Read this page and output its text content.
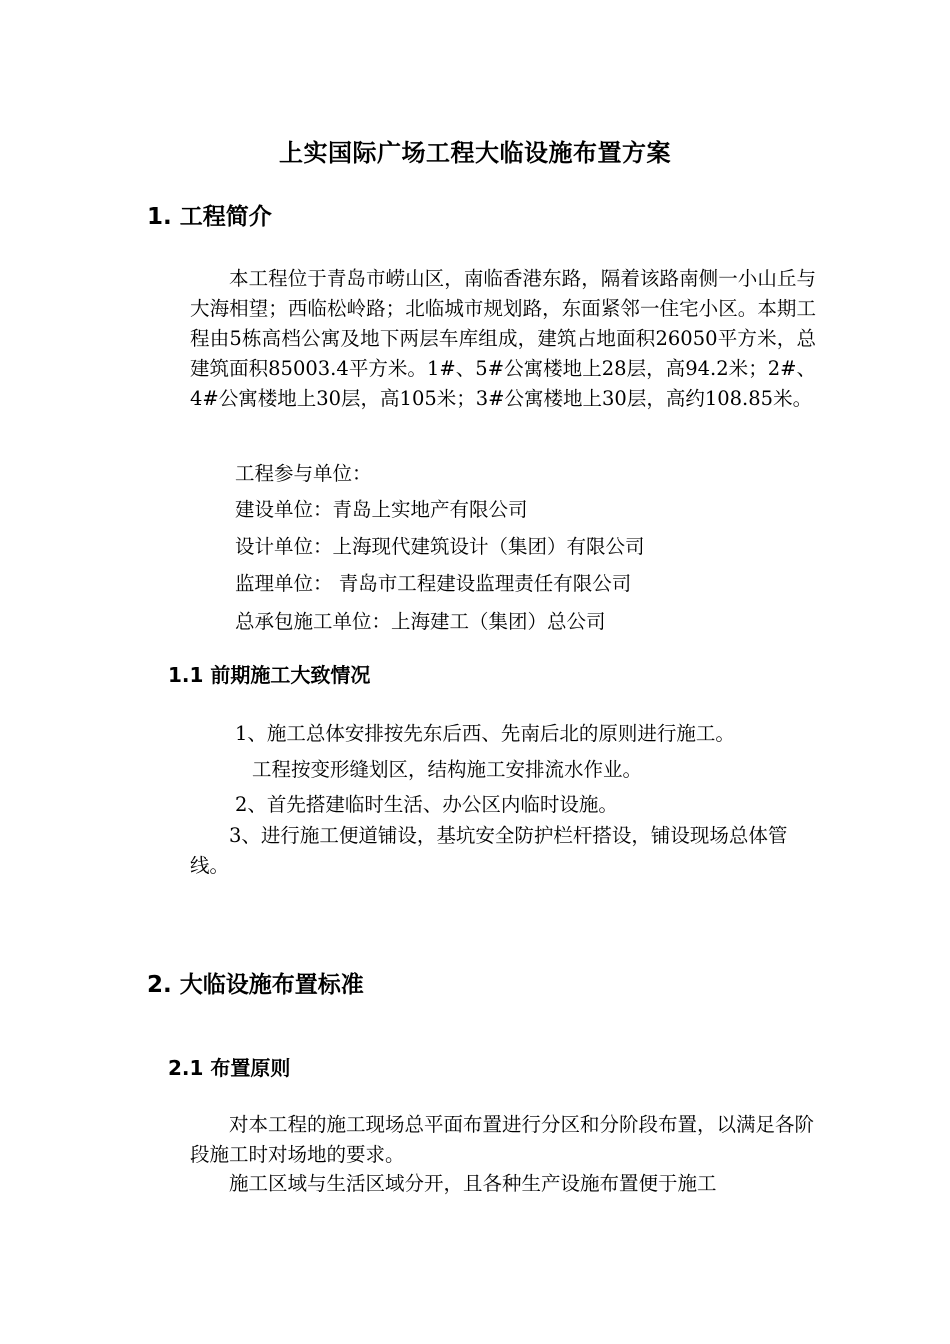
上实国际广场工程大临设施布置方案
1. 工程简介
本工程位于青岛市崂山区，南临香港东路，隔着该路南侧一小山丘与大海相望；西临松岭路；北临城市规划路，东面紧邻一住宅小区。本期工程由5栋高档公寓及地下两层车库组成，建筑占地面积26050平方米，总建筑面积85003.4平方米。1#、5#公寓楼地上28层，高94.2米；2#、4#公寓楼地上30层，高105米；3#公寓楼地上30层，高约108.85米。
工程参与单位：
建设单位：青岛上实地产有限公司
设计单位：上海现代建筑设计（集团）有限公司
监理单位： 青岛市工程建设监理责任有限公司
总承包施工单位：上海建工（集团）总公司
1.1 前期施工大致情况
1、施工总体安排按先东后西、先南后北的原则进行施工。
工程按变形缝划区，结构施工安排流水作业。
2、首先搭建临时生活、办公区内临时设施。
3、进行施工便道铺设，基坑安全防护栏杆搭设，铺设现场总体管线。
2. 大临设施布置标准
2.1 布置原则
对本工程的施工现场总平面布置进行分区和分阶段布置，以满足各阶段施工时对场地的要求。
施工区域与生活区域分开，且各种生产设施布置便于施工
